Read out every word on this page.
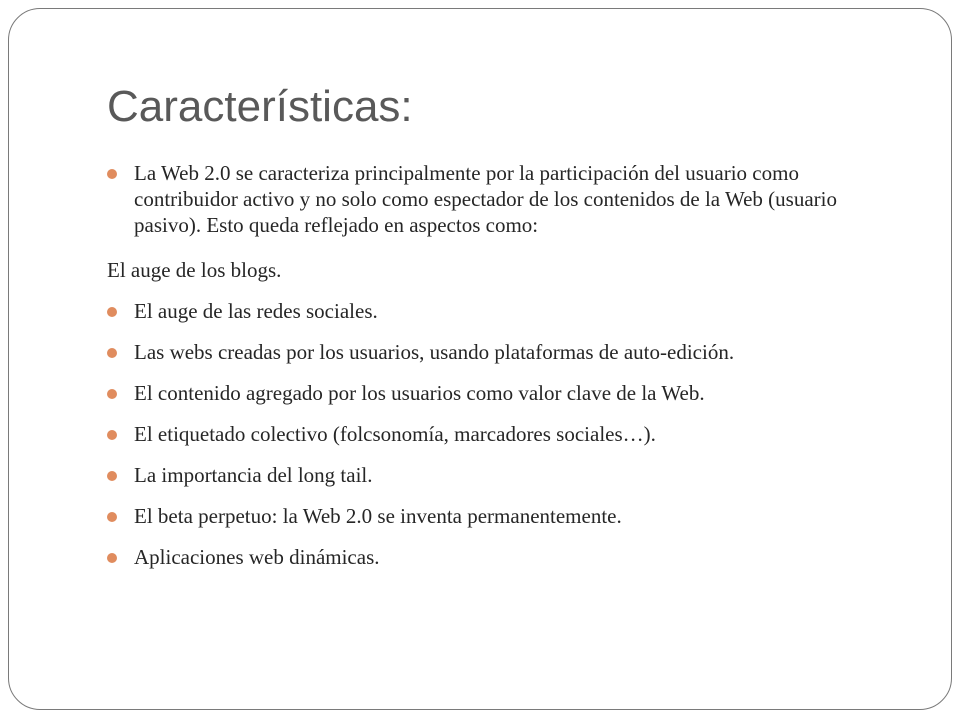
Características:
La Web 2.0 se caracteriza principalmente por la participación del usuario como contribuidor activo y no solo como espectador de los contenidos de la Web (usuario pasivo). Esto queda reflejado en aspectos como:
El auge de los blogs.
El auge de las redes sociales.
Las webs creadas por los usuarios, usando plataformas de auto-edición.
El contenido agregado por los usuarios como valor clave de la Web.
El etiquetado colectivo (folcsonomía, marcadores sociales…).
La importancia del long tail.
El beta perpetuo: la Web 2.0 se inventa permanentemente.
Aplicaciones web dinámicas.
